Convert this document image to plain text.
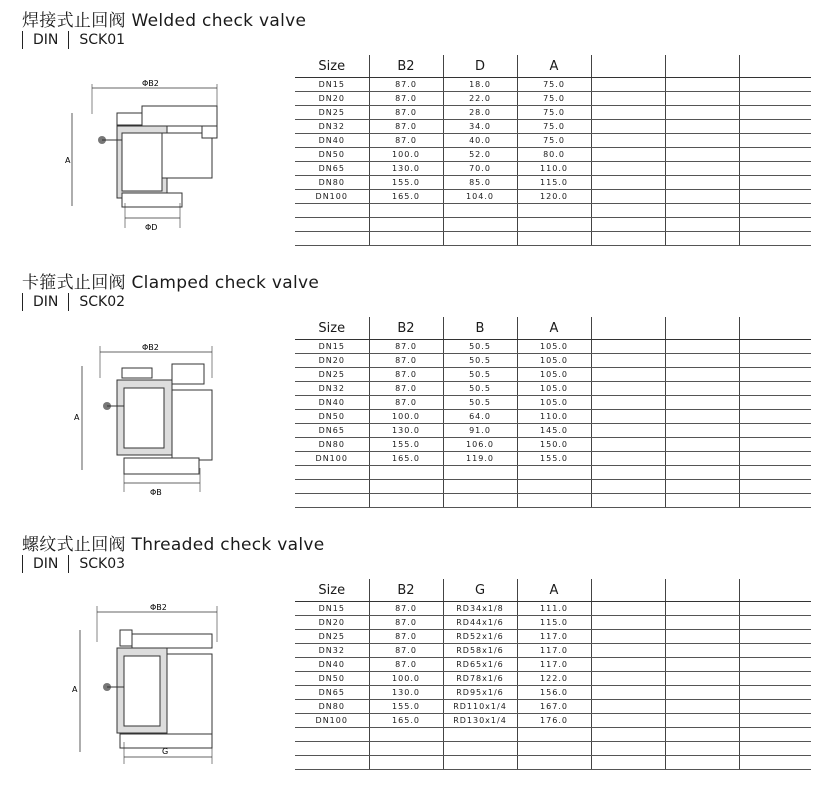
焊接式止回阀 Welded check valve
DIN	SCK01
ΦB2
A
ΦD
Size	B2	D	A			
DN15	87.0	18.0	75.0			
DN20	87.0	22.0	75.0			
DN25	87.0	28.0	75.0			
DN32	87.0	34.0	75.0			
DN40	87.0	40.0	75.0			
DN50	100.0	52.0	80.0			
DN65	130.0	70.0	110.0			
DN80	155.0	85.0	115.0			
DN100	165.0	104.0	120.0			

卡箍式止回阀 Clamped check valve
DIN	SCK02
ΦB2
A
ΦB
Size	B2	B	A			
DN15	87.0	50.5	105.0			
DN20	87.0	50.5	105.0			
DN25	87.0	50.5	105.0			
DN32	87.0	50.5	105.0			
DN40	87.0	50.5	105.0			
DN50	100.0	64.0	110.0			
DN65	130.0	91.0	145.0			
DN80	155.0	106.0	150.0			
DN100	165.0	119.0	155.0			

螺纹式止回阀 Threaded check valve
DIN	SCK03
ΦB2
A
G
Size	B2	G	A			
DN15	87.0	RD34x1/8	111.0			
DN20	87.0	RD44x1/6	115.0			
DN25	87.0	RD52x1/6	117.0			
DN32	87.0	RD58x1/6	117.0			
DN40	87.0	RD65x1/6	117.0			
DN50	100.0	RD78x1/6	122.0			
DN65	130.0	RD95x1/6	156.0			
DN80	155.0	RD110x1/4	167.0			
DN100	165.0	RD130x1/4	176.0			
